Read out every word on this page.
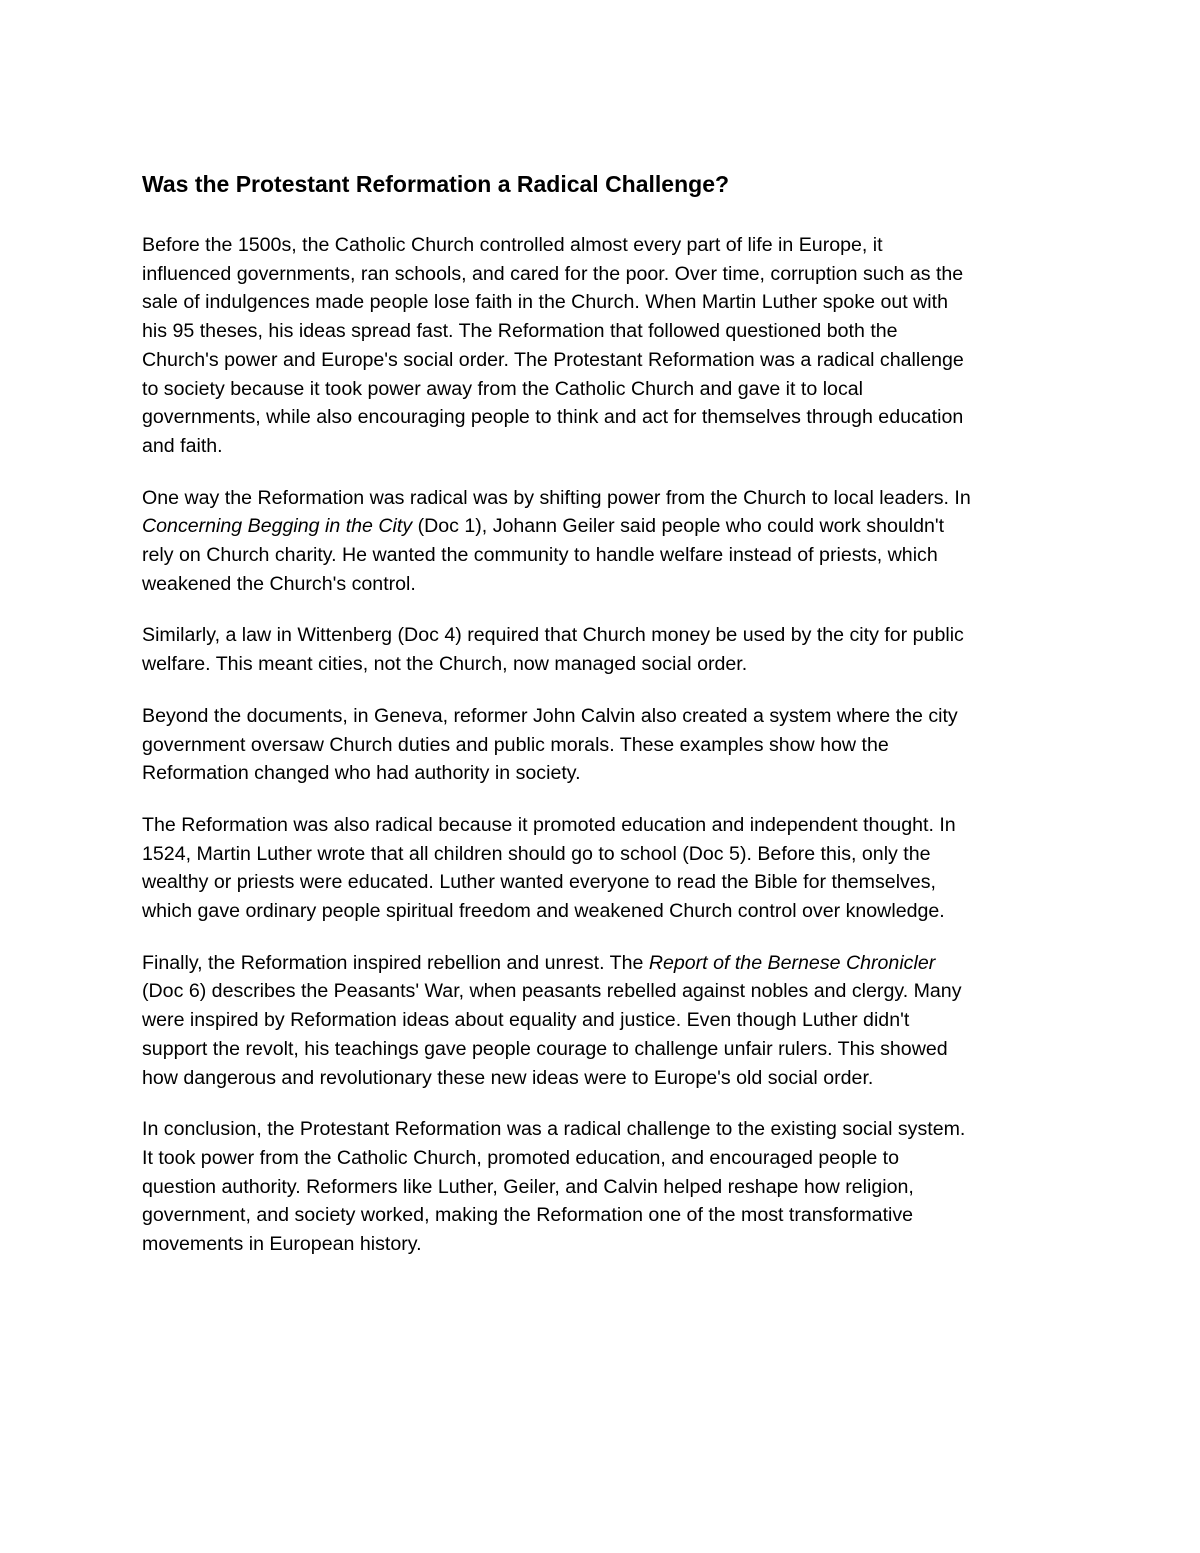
Was the Protestant Reformation a Radical Challenge?
Before the 1500s, the Catholic Church controlled almost every part of life in Europe, it
influenced governments, ran schools, and cared for the poor. Over time, corruption such as the
sale of indulgences made people lose faith in the Church. When Martin Luther spoke out with
his 95 theses, his ideas spread fast. The Reformation that followed questioned both the
Church's power and Europe's social order. The Protestant Reformation was a radical challenge
to society because it took power away from the Catholic Church and gave it to local
governments, while also encouraging people to think and act for themselves through education
and faith.
One way the Reformation was radical was by shifting power from the Church to local leaders. In
Concerning Begging in the City (Doc 1), Johann Geiler said people who could work shouldn't
rely on Church charity. He wanted the community to handle welfare instead of priests, which
weakened the Church's control.
Similarly, a law in Wittenberg (Doc 4) required that Church money be used by the city for public
welfare. This meant cities, not the Church, now managed social order.
Beyond the documents, in Geneva, reformer John Calvin also created a system where the city
government oversaw Church duties and public morals. These examples show how the
Reformation changed who had authority in society.
The Reformation was also radical because it promoted education and independent thought. In
1524, Martin Luther wrote that all children should go to school (Doc 5). Before this, only the
wealthy or priests were educated. Luther wanted everyone to read the Bible for themselves,
which gave ordinary people spiritual freedom and weakened Church control over knowledge.
Finally, the Reformation inspired rebellion and unrest. The Report of the Bernese Chronicler
(Doc 6) describes the Peasants' War, when peasants rebelled against nobles and clergy. Many
were inspired by Reformation ideas about equality and justice. Even though Luther didn't
support the revolt, his teachings gave people courage to challenge unfair rulers. This showed
how dangerous and revolutionary these new ideas were to Europe's old social order.
In conclusion, the Protestant Reformation was a radical challenge to the existing social system.
It took power from the Catholic Church, promoted education, and encouraged people to
question authority. Reformers like Luther, Geiler, and Calvin helped reshape how religion,
government, and society worked, making the Reformation one of the most transformative
movements in European history.
